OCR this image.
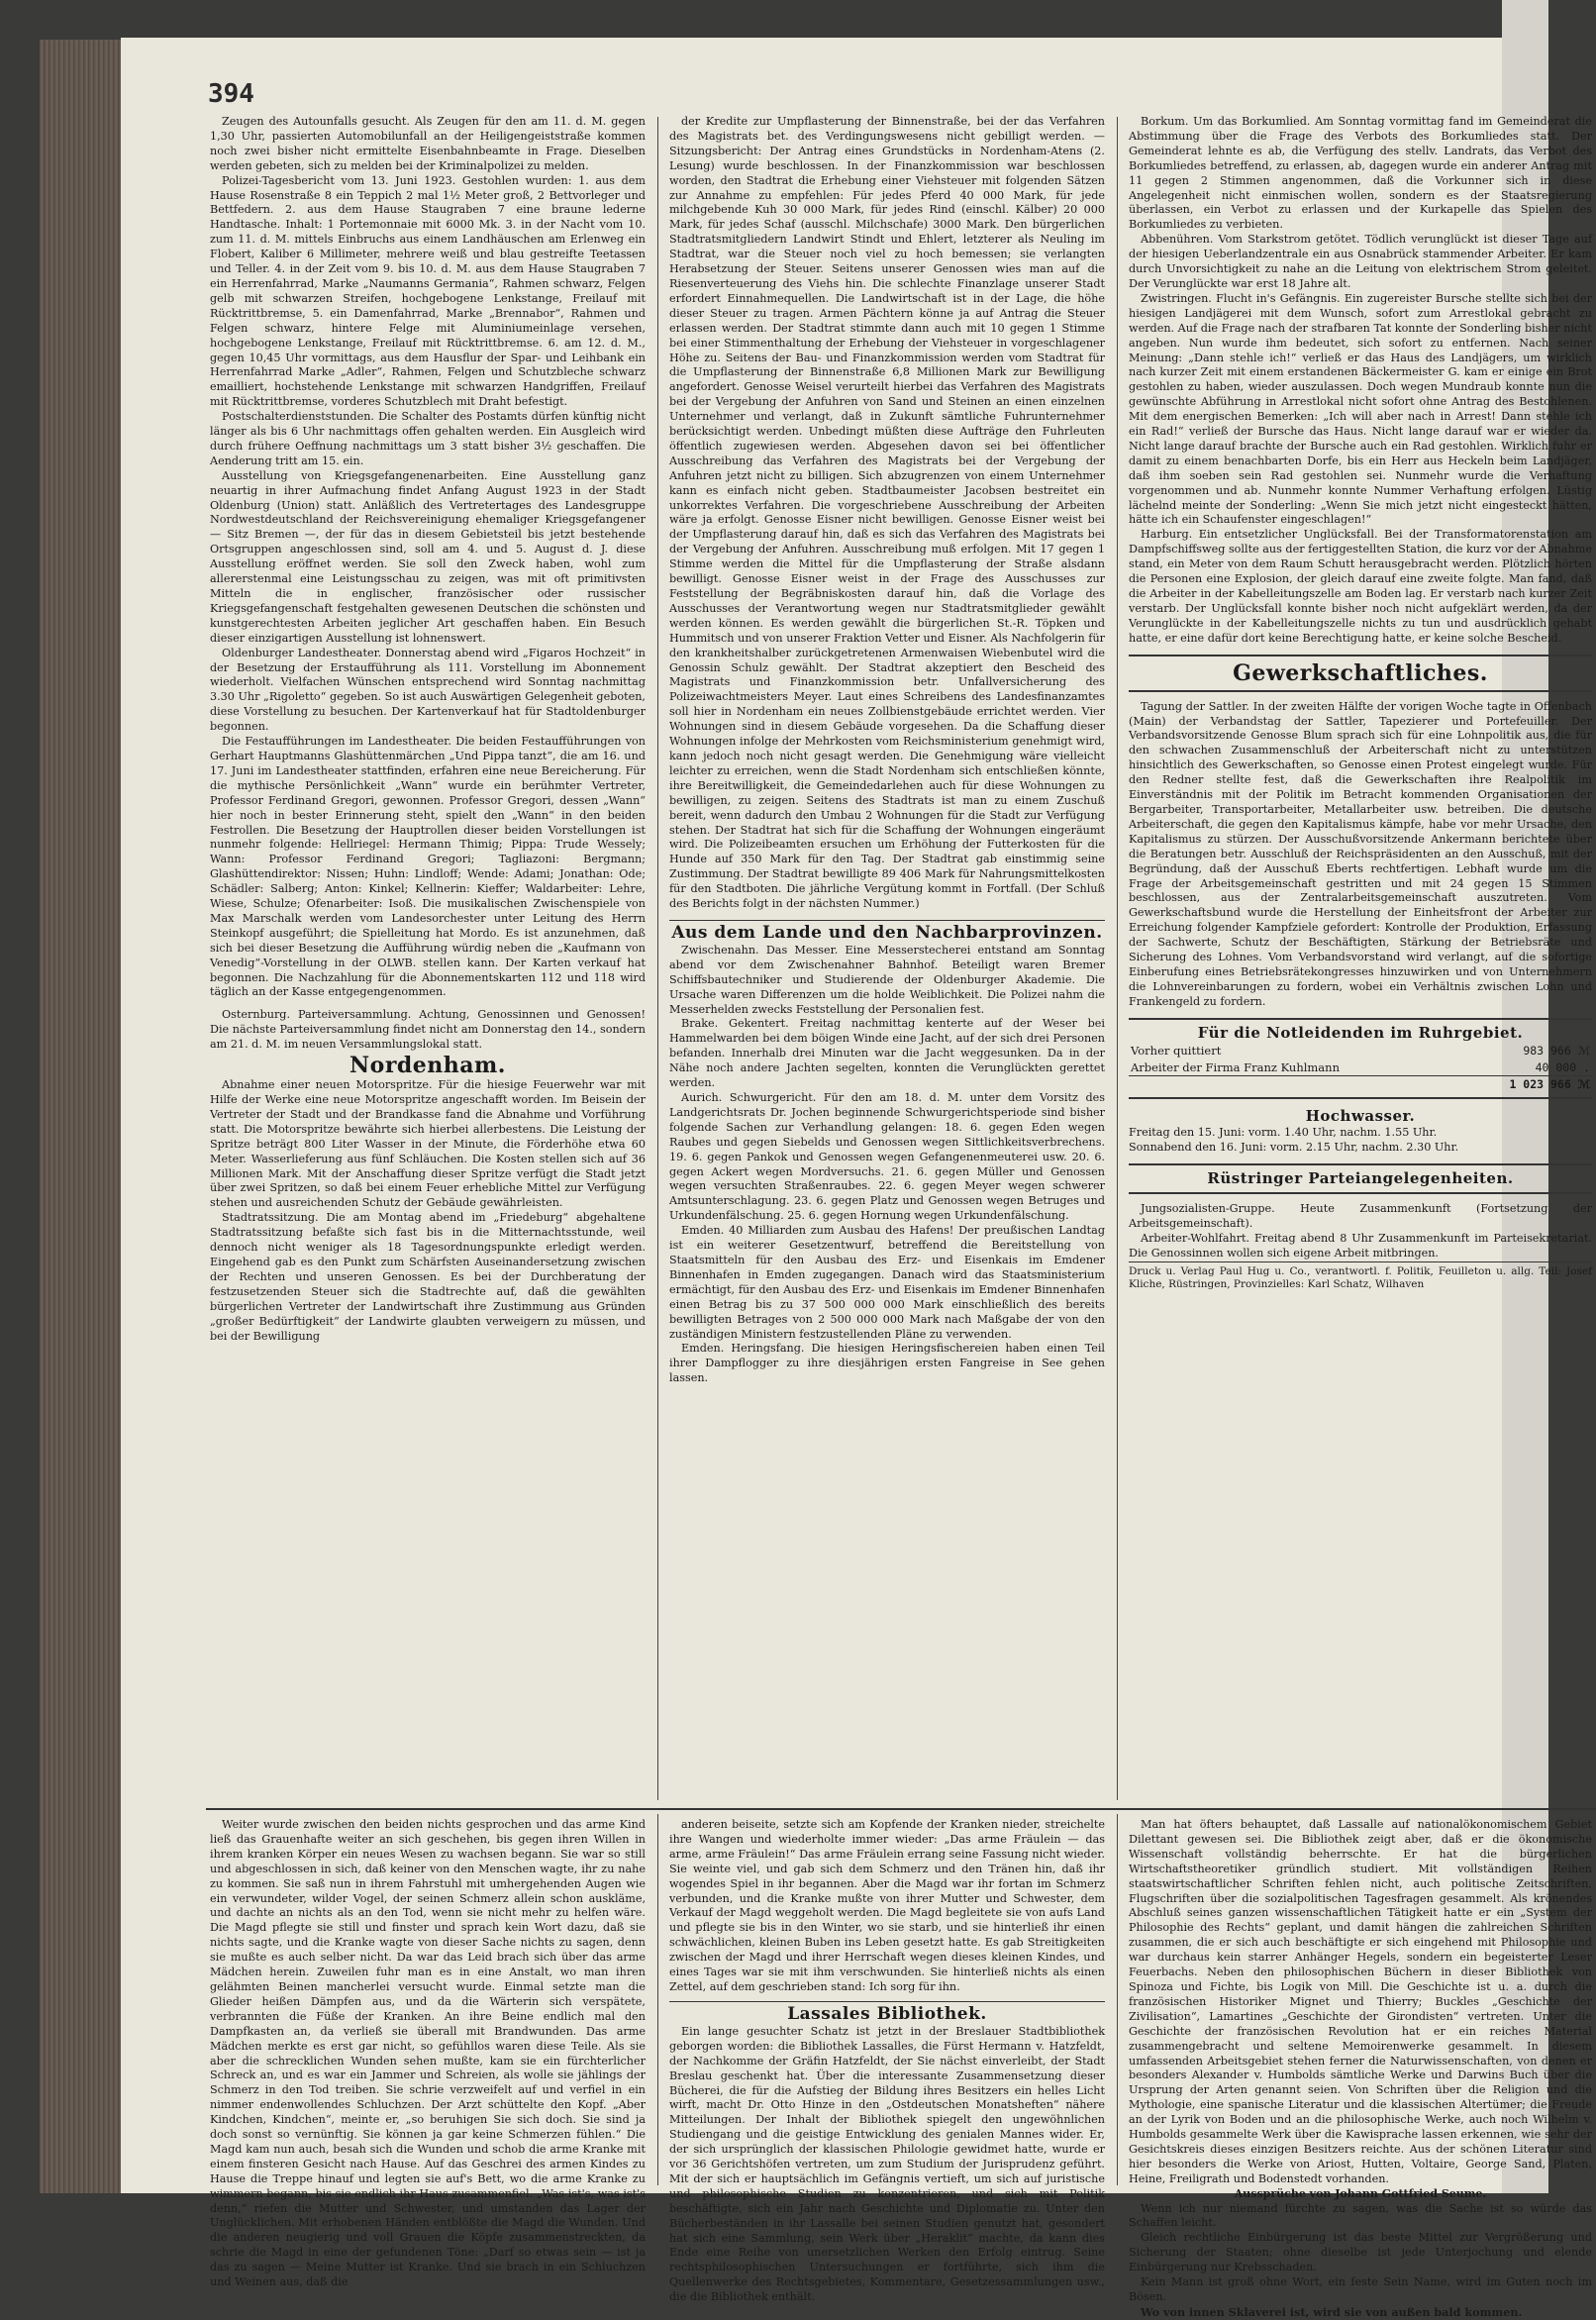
394

Zeugen des Autounfalls gesucht. Als Zeugen für den am 11. d. M. gegen 1,30 Uhr, passierten Automobilunfall an der Heiligengeiststraße kommen noch zwei bisher nicht ermittelte Eisenbahnbeamte in Frage. Dieselben werden gebeten, sich zu melden bei der Kriminalpolizei zu melden.

Polizei-Tagesbericht vom 13. Juni 1923. Gestohlen wurden: 1. aus dem Hause Rosenstraße 8 ein Teppich 2 mal 1½ Meter groß, 2 Bettvorleger und Bettfedern. 2. aus dem Hause Staugraben 7 eine braune lederne Handtasche. Inhalt: 1 Portemonnaie mit 6000 Mk. 3. in der Nacht vom 10. zum 11. d. M. mittels Einbruchs aus einem Landhäuschen am Erlenweg ein Flobert, Kaliber 6 Millimeter, mehrere weiß und blau gestreifte Teetassen und Teller. 4. in der Zeit vom 9. bis 10. d. M. aus dem Hause Staugraben 7 ein Herrenfahrrad, Marke „Naumanns Germania“, Rahmen schwarz, Felgen gelb mit schwarzen Streifen, hochgebogene Lenkstange, Freilauf mit Rücktrittbremse, 5. ein Damenfahrrad, Marke „Brennabor“, Rahmen und Felgen schwarz, hintere Felge mit Aluminiumeinlage versehen, hochgebogene Lenkstange, Freilauf mit Rücktrittbremse. 6. am 12. d. M., gegen 10,45 Uhr vormittags, aus dem Hausflur der Spar- und Leihbank ein Herrenfahrrad Marke „Adler“, Rahmen, Felgen und Schutzbleche schwarz emailliert, hochstehende Lenkstange mit schwarzen Handgriffen, Freilauf mit Rücktrittbremse, vorderes Schutzblech mit Draht befestigt.

Postschalterdienststunden. Die Schalter des Postamts dürfen künftig nicht länger als bis 6 Uhr nachmittags offen gehalten werden. Ein Ausgleich wird durch frühere Oeffnung nachmittags um 3 statt bisher 3½ geschaffen. Die Aenderung tritt am 15. ein.

Ausstellung von Kriegsgefangenenarbeiten. Eine Ausstellung ganz neuartig in ihrer Aufmachung findet Anfang August 1923 in der Stadt Oldenburg (Union) statt. Anläßlich des Vertretertages des Landesgruppe Nordwestdeutschland der Reichsvereinigung ehemaliger Kriegsgefangener — Sitz Bremen —, der für das in diesem Gebietsteil bis jetzt bestehende Ortsgruppen angeschlossen sind, soll am 4. und 5. August d. J. diese Ausstellung eröffnet werden. Sie soll den Zweck haben, wohl zum allererstenmal eine Leistungsschau zu zeigen, was mit oft primitivsten Mitteln die in englischer, französischer oder russischer Kriegsgefangenschaft festgehalten gewesenen Deutschen die schönsten und kunstgerechtesten Arbeiten jeglicher Art geschaffen haben. Ein Besuch dieser einzigartigen Ausstellung ist lohnenswert.

Oldenburger Landestheater. Donnerstag abend wird „Figaros Hochzeit“ in der Besetzung der Erstaufführung als 111. Vorstellung im Abonnement wiederholt. Vielfachen Wünschen entsprechend wird Sonntag nachmittag 3.30 Uhr „Rigoletto“ gegeben. So ist auch Auswärtigen Gelegenheit geboten, diese Vorstellung zu besuchen. Der Kartenverkauf hat für Stadtoldenburger begonnen.

Die Festaufführungen im Landestheater. Die beiden Festaufführungen von Gerhart Hauptmanns Glashüttenmärchen „Und Pippa tanzt“, die am 16. und 17. Juni im Landestheater stattfinden, erfahren eine neue Bereicherung. Für die mythische Persönlichkeit „Wann“ wurde ein berühmter Vertreter, Professor Ferdinand Gregori, gewonnen. Professor Gregori, dessen „Wann“ hier noch in bester Erinnerung steht, spielt den „Wann“ in den beiden Festrollen. Die Besetzung der Hauptrollen dieser beiden Vorstellungen ist nunmehr folgende: Hellriegel: Hermann Thimig; Pippa: Trude Wessely; Wann: Professor Ferdinand Gregori; Tagliazoni: Bergmann; Glashüttendirektor: Nissen; Huhn: Lindloff; Wende: Adami; Jonathan: Ode; Schädler: Salberg; Anton: Kinkel; Kellnerin: Kieffer; Waldarbeiter: Lehre, Wiese, Schulze; Ofenarbeiter: Isoß. Die musikalischen Zwischenspiele von Max Marschalk werden vom Landesorchester unter Leitung des Herrn Steinkopf ausgeführt; die Spielleitung hat Mordo. Es ist anzunehmen, daß sich bei dieser Besetzung die Aufführung würdig neben die „Kaufmann von Venedig“-Vorstellung in der OLWB. stellen kann. Der Karten verkauf hat begonnen. Die Nachzahlung für die Abonnementskarten 112 und 118 wird täglich an der Kasse entgegengenommen.

Osternburg. Parteiversammlung. Achtung, Genossinnen und Genossen! Die nächste Parteiversammlung findet nicht am Donnerstag den 14., sondern am 21. d. M. im neuen Versammlungslokal statt.

Nordenham.

Abnahme einer neuen Motorspritze. Für die hiesige Feuerwehr war mit Hilfe der Werke eine neue Motorspritze angeschafft worden. Im Beisein der Vertreter der Stadt und der Brandkasse fand die Abnahme und Vorführung statt. Die Motorspritze bewährte sich hierbei allerbestens. Die Leistung der Spritze beträgt 800 Liter Wasser in der Minute, die Förderhöhe etwa 60 Meter. Wasserlieferung aus fünf Schläuchen. Die Kosten stellen sich auf 36 Millionen Mark. Mit der Anschaffung dieser Spritze verfügt die Stadt jetzt über zwei Spritzen, so daß bei einem Feuer erhebliche Mittel zur Verfügung stehen und ausreichenden Schutz der Gebäude gewährleisten.

Stadtratssitzung. Die am Montag abend im „Friedeburg“ abgehaltene Stadtratssitzung befaßte sich fast bis in die Mitternachtsstunde, weil dennoch nicht weniger als 18 Tagesordnungspunkte erledigt werden. Eingehend gab es den Punkt zum Schärfsten Auseinandersetzung zwischen der Rechten und unseren Genossen. Es bei der Durchberatung der festzusetzenden Steuer sich die Stadtrechte auf, daß die gewählten bürgerlichen Vertreter der Landwirtschaft ihre Zustimmung aus Gründen „großer Bedürftigkeit“ der Landwirte glaubten verweigern zu müssen, und bei der Bewilligung

der Kredite zur Umpflasterung der Binnenstraße, bei der das Verfahren des Magistrats bet. des Verdingungswesens nicht gebilligt werden. — Sitzungsbericht: Der Antrag eines Grundstücks in Nordenham-Atens (2. Lesung) wurde beschlossen. In der Finanzkommission war beschlossen worden, den Stadtrat die Erhebung einer Viehsteuer mit folgenden Sätzen zur Annahme zu empfehlen: Für jedes Pferd 40 000 Mark, für jede milchgebende Kuh 30 000 Mark, für jedes Rind (einschl. Kälber) 20 000 Mark, für jedes Schaf (ausschl. Milchschafe) 3000 Mark. Den bürgerlichen Stadtratsmitgliedern Landwirt Stindt und Ehlert, letzterer als Neuling im Stadtrat, war die Steuer noch viel zu hoch bemessen; sie verlangten Herabsetzung der Steuer. Seitens unserer Genossen wies man auf die Riesenverteuerung des Viehs hin. Die schlechte Finanzlage unserer Stadt erfordert Einnahmequellen. Die Landwirtschaft ist in der Lage, die höhe dieser Steuer zu tragen. Armen Pächtern könne ja auf Antrag die Steuer erlassen werden. Der Stadtrat stimmte dann auch mit 10 gegen 1 Stimme bei einer Stimmenthaltung der Erhebung der Viehsteuer in vorgeschlagener Höhe zu. Seitens der Bau- und Finanzkommission werden vom Stadtrat für die Umpflasterung der Binnenstraße 6,8 Millionen Mark zur Bewilligung angefordert. Genosse Weisel verurteilt hierbei das Verfahren des Magistrats bei der Vergebung der Anfuhren von Sand und Steinen an einen einzelnen Unternehmer und verlangt, daß in Zukunft sämtliche Fuhrunternehmer berücksichtigt werden. Unbedingt müßten diese Aufträge den Fuhrleuten öffentlich zugewiesen werden. Abgesehen davon sei bei öffentlicher Ausschreibung das Verfahren des Magistrats bei der Vergebung der Anfuhren jetzt nicht zu billigen. Sich abzugrenzen von einem Unternehmer kann es einfach nicht geben. Stadtbaumeister Jacobsen bestreitet ein unkorrektes Verfahren. Die vorgeschriebene Ausschreibung der Arbeiten wäre ja erfolgt. Genosse Eisner nicht bewilligen. Genosse Eisner weist bei der Umpflasterung darauf hin, daß es sich das Verfahren des Magistrats bei der Vergebung der Anfuhren. Ausschreibung muß erfolgen. Mit 17 gegen 1 Stimme werden die Mittel für die Umpflasterung der Straße alsdann bewilligt. Genosse Eisner weist in der Frage des Ausschusses zur Feststellung der Begräbniskosten darauf hin, daß die Vorlage des Ausschusses der Verantwortung wegen nur Stadtratsmitglieder gewählt werden können. Es werden gewählt die bürgerlichen St.-R. Töpken und Hummitsch und von unserer Fraktion Vetter und Eisner. Als Nachfolgerin für den krankheitshalber zurückgetretenen Armenwaisen Wiebenbutel wird die Genossin Schulz gewählt. Der Stadtrat akzeptiert den Bescheid des Magistrats und Finanzkommission betr. Unfallversicherung des Polizeiwachtmeisters Meyer. Laut eines Schreibens des Landesfinanzamtes soll hier in Nordenham ein neues Zollbienstgebäude errichtet werden. Vier Wohnungen sind in diesem Gebäude vorgesehen. Da die Schaffung dieser Wohnungen infolge der Mehrkosten vom Reichsministerium genehmigt wird, kann jedoch noch nicht gesagt werden. Die Genehmigung wäre vielleicht leichter zu erreichen, wenn die Stadt Nordenham sich entschließen könnte, ihre Bereitwilligkeit, die Gemeindedarlehen auch für diese Wohnungen zu bewilligen, zu zeigen. Seitens des Stadtrats ist man zu einem Zuschuß bereit, wenn dadurch den Umbau 2 Wohnungen für die Stadt zur Verfügung stehen. Der Stadtrat hat sich für die Schaffung der Wohnungen eingeräumt wird. Die Polizeibeamten ersuchen um Erhöhung der Futterkosten für die Hunde auf 350 Mark für den Tag. Der Stadtrat gab einstimmig seine Zustimmung. Der Stadtrat bewilligte 89 406 Mark für Nahrungsmittelkosten für den Stadtboten. Die jährliche Vergütung kommt in Fortfall. (Der Schluß des Berichts folgt in der nächsten Nummer.)

Aus dem Lande und den Nachbarprovinzen.

Zwischenahn. Das Messer. Eine Messerstecherei entstand am Sonntag abend vor dem Zwischenahner Bahnhof. Beteiligt waren Bremer Schiffsbautechniker und Studierende der Oldenburger Akademie. Die Ursache waren Differenzen um die holde Weiblichkeit. Die Polizei nahm die Messerhelden zwecks Feststellung der Personalien fest.

Brake. Gekentert. Freitag nachmittag kenterte auf der Weser bei Hammelwarden bei dem böigen Winde eine Jacht, auf der sich drei Personen befanden. Innerhalb drei Minuten war die Jacht weggesunken. Da in der Nähe noch andere Jachten segelten, konnten die Verunglückten gerettet werden.

Aurich. Schwurgericht. Für den am 18. d. M. unter dem Vorsitz des Landgerichtsrats Dr. Jochen beginnende Schwurgerichtsperiode sind bisher folgende Sachen zur Verhandlung gelangen: 18. 6. gegen Eden wegen Raubes und gegen Siebelds und Genossen wegen Sittlichkeitsverbrechens. 19. 6. gegen Pankok und Genossen wegen Gefangenenmeuterei usw. 20. 6. gegen Ackert wegen Mordversuchs. 21. 6. gegen Müller und Genossen wegen versuchten Straßenraubes. 22. 6. gegen Meyer wegen schwerer Amtsunterschlagung. 23. 6. gegen Platz und Genossen wegen Betruges und Urkundenfälschung. 25. 6. gegen Hornung wegen Urkundenfälschung.

Emden. 40 Milliarden zum Ausbau des Hafens! Der preußischen Landtag ist ein weiterer Gesetzentwurf, betreffend die Bereitstellung von Staatsmitteln für den Ausbau des Erz- und Eisenkais im Emdener Binnenhafen in Emden zugegangen. Danach wird das Staatsministerium ermächtigt, für den Ausbau des Erz- und Eisenkais im Emdener Binnenhafen einen Betrag bis zu 37 500 000 000 Mark einschließlich des bereits bewilligten Betrages von 2 500 000 000 Mark nach Maßgabe der von den zuständigen Ministern festzustellenden Pläne zu verwenden.

Emden. Heringsfang. Die hiesigen Heringsfischereien haben einen Teil ihrer Dampflogger zu ihre diesjährigen ersten Fangreise in See gehen lassen.

Borkum. Um das Borkumlied. Am Sonntag vormittag fand im Gemeinderat die Abstimmung über die Frage des Verbots des Borkumliedes statt. Der Gemeinderat lehnte es ab, die Verfügung des stellv. Landrats, das Verbot des Borkumliedes betreffend, zu erlassen, ab, dagegen wurde ein anderer Antrag mit 11 gegen 2 Stimmen angenommen, daß die Vorkunner sich in diese Angelegenheit nicht einmischen wollen, sondern es der Staatsregierung überlassen, ein Verbot zu erlassen und der Kurkapelle das Spielen des Borkumliedes zu verbieten.

Abbenühren. Vom Starkstrom getötet. Tödlich verunglückt ist dieser Tage auf der hiesigen Ueberlandzentrale ein aus Osnabrück stammender Arbeiter. Er kam durch Unvorsichtigkeit zu nahe an die Leitung von elektrischem Strom geleitet. Der Verunglückte war erst 18 Jahre alt.

Zwistringen. Flucht in's Gefängnis. Ein zugereister Bursche stellte sich bei der hiesigen Landjägerei mit dem Wunsch, sofort zum Arrestlokal gebracht zu werden. Auf die Frage nach der strafbaren Tat konnte der Sonderling bisher nicht angeben. Nun wurde ihm bedeutet, sich sofort zu entfernen. Nach seiner Meinung: „Dann stehle ich!“ verließ er das Haus des Landjägers, um wirklich nach kurzer Zeit mit einem erstandenen Bäckermeister G. kam er einige ein Brot gestohlen zu haben, wieder auszulassen. Doch wegen Mundraub konnte nun die gewünschte Abführung in Arrestlokal nicht sofort ohne Antrag des Bestohlenen. Mit dem energischen Bemerken: „Ich will aber nach in Arrest! Dann stehle ich ein Rad!“ verließ der Bursche das Haus. Nicht lange darauf war er wieder da. Nicht lange darauf brachte der Bursche auch ein Rad gestohlen. Wirklich fuhr er damit zu einem benachbarten Dorfe, bis ein Herr aus Heckeln beim Landjäger, daß ihm soeben sein Rad gestohlen sei. Nunmehr wurde die Verhaftung vorgenommen und ab. Nunmehr konnte Nummer Verhaftung erfolgen. Lüstig lächelnd meinte der Sonderling: „Wenn Sie mich jetzt nicht eingesteckt hätten, hätte ich ein Schaufenster eingeschlagen!“

Harburg. Ein entsetzlicher Unglücksfall. Bei der Transformatorenstation am Dampfschiffsweg sollte aus der fertiggestellten Station, die kurz vor der Abnahme stand, ein Meter von dem Raum Schutt herausgebracht werden. Plötzlich hörten die Personen eine Explosion, der gleich darauf eine zweite folgte. Man fand, daß die Arbeiter in der Kabelleitungszelle am Boden lag. Er verstarb nach kurzer Zeit verstarb. Der Unglücksfall konnte bisher noch nicht aufgeklärt werden, da der Verunglückte in der Kabelleitungszelle nichts zu tun und ausdrücklich gehabt hatte, er eine dafür dort keine Berechtigung hatte, er keine solche Bescheid.

Gewerkschaftliches.

Tagung der Sattler. In der zweiten Hälfte der vorigen Woche tagte in Offenbach (Main) der Verbandstag der Sattler, Tapezierer und Portefeuiller. Der Verbandsvorsitzende Genosse Blum sprach sich für eine Lohnpolitik aus, die für den schwachen Zusammenschluß der Arbeiterschaft nicht zu unterstützen hinsichtlich des Gewerkschaften, so Genosse einen Protest eingelegt wurde. Für den Redner stellte fest, daß die Gewerkschaften ihre Realpolitik im Einverständnis mit der Politik im Betracht kommenden Organisationen der Bergarbeiter, Transportarbeiter, Metallarbeiter usw. betreiben. Die deutsche Arbeiterschaft, die gegen den Kapitalismus kämpfe, habe vor mehr Ursache, den Kapitalismus zu stürzen. Der Ausschußvorsitzende Ankermann berichtete über die Beratungen betr. Ausschluß der Reichspräsidenten an den Ausschuß, mit der Begründung, daß der Ausschuß Eberts rechtfertigen. Lebhaft wurde um die Frage der Arbeitsgemeinschaft gestritten und mit 24 gegen 15 Stimmen beschlossen, aus der Zentralarbeitsgemeinschaft auszutreten. Vom Gewerkschaftsbund wurde die Herstellung der Einheitsfront der Arbeiter zur Erreichung folgender Kampfziele gefordert: Kontrolle der Produktion, Erfassung der Sachwerte, Schutz der Beschäftigten, Stärkung der Betriebsräte und Sicherung des Lohnes. Vom Verbandsvorstand wird verlangt, auf die sofortige Einberufung eines Betriebsrätekongresses hinzuwirken und von Unternehmern die Lohnvereinbarungen zu fordern, wobei ein Verhältnis zwischen Lohn und Frankengeld zu fordern.

Für die Notleidenden im Ruhrgebiet.

Vorher quittiert	983 966 ℳ
Arbeiter der Firma Franz Kuhlmann	40 000 .
	1 023 966 ℳ

Hochwasser.

Freitag den 15. Juni: vorm. 1.40 Uhr, nachm. 1.55 Uhr.

Sonnabend den 16. Juni: vorm. 2.15 Uhr, nachm. 2.30 Uhr.

Rüstringer Parteiangelegenheiten.

Jungsozialisten-Gruppe. Heute Zusammenkunft (Fortsetzung der Arbeitsgemeinschaft).

Arbeiter-Wohlfahrt. Freitag abend 8 Uhr Zusammenkunft im Parteisekretariat. Die Genossinnen wollen sich eigene Arbeit mitbringen.

Druck u. Verlag Paul Hug u. Co., verantwortl. f. Politik, Feuilleton u. allg. Teil: Josef Kliche, Rüstringen, Provinzielles: Karl Schatz, Wilhaven

Weiter wurde zwischen den beiden nichts gesprochen und das arme Kind ließ das Grauenhafte weiter an sich geschehen, bis gegen ihren Willen in ihrem kranken Körper ein neues Wesen zu wachsen begann. Sie war so still und abgeschlossen in sich, daß keiner von den Menschen wagte, ihr zu nahe zu kommen. Sie saß nun in ihrem Fahrstuhl mit umhergehenden Augen wie ein verwundeter, wilder Vogel, der seinen Schmerz allein schon auskläme, und dachte an nichts als an den Tod, wenn sie nicht mehr zu helfen wäre. Die Magd pflegte sie still und finster und sprach kein Wort dazu, daß sie nichts sagte, und die Kranke wagte von dieser Sache nichts zu sagen, denn sie mußte es auch selber nicht. Da war das Leid brach sich über das arme Mädchen herein. Zuweilen fuhr man es in eine Anstalt, wo man ihren gelähmten Beinen mancherlei versucht wurde. Einmal setzte man die Glieder heißen Dämpfen aus, und da die Wärterin sich verspätete, verbrannten die Füße der Kranken. An ihre Beine endlich mal den Dampfkasten an, da verließ sie überall mit Brandwunden. Das arme Mädchen merkte es erst gar nicht, so gefühllos waren diese Teile. Als sie aber die schrecklichen Wunden sehen mußte, kam sie ein fürchterlicher Schreck an, und es war ein Jammer und Schreien, als wolle sie jählings der Schmerz in den Tod treiben. Sie schrie verzweifelt auf und verfiel in ein nimmer endenwollendes Schluchzen. Der Arzt schüttelte den Kopf. „Aber Kindchen, Kindchen“, meinte er, „so beruhigen Sie sich doch. Sie sind ja doch sonst so vernünftig. Sie können ja gar keine Schmerzen fühlen.“ Die Magd kam nun auch, besah sich die Wunden und schob die arme Kranke mit einem finsteren Gesicht nach Hause. Auf das Geschrei des armen Kindes zu Hause die Treppe hinauf und legten sie auf's Bett, wo die arme Kranke zu wimmern begann, bis sie endlich ihr Haus zusammenfiel. „Was ist's, was ist's denn,“ riefen die Mutter und Schwester, und umstanden das Lager der Unglücklichen. Mit erhobenen Händen entblößte die Magd die Wunden. Und die anderen neugierig und voll Grauen die Köpfe zusammenstreckten, da schrie die Magd in eine der gefundenen Töne: „Darf so etwas sein — ist ja das zu sagen — Meine Mutter ist Kranke. Und sie brach in ein Schluchzen und Weinen aus, daß die

anderen beiseite, setzte sich am Kopfende der Kranken nieder, streichelte ihre Wangen und wiederholte immer wieder: „Das arme Fräulein — das arme, arme Fräulein!“ Das arme Fräulein errang seine Fassung nicht wieder. Sie weinte viel, und gab sich dem Schmerz und den Tränen hin, daß ihr wogendes Spiel in ihr begannen. Aber die Magd war ihr fortan im Schmerz verbunden, und die Kranke mußte von ihrer Mutter und Schwester, dem Verkauf der Magd weggeholt werden. Die Magd begleitete sie von aufs Land und pflegte sie bis in den Winter, wo sie starb, und sie hinterließ ihr einen schwächlichen, kleinen Buben ins Leben gesetzt hatte. Es gab Streitigkeiten zwischen der Magd und ihrer Herrschaft wegen dieses kleinen Kindes, und eines Tages war sie mit ihm verschwunden. Sie hinterließ nichts als einen Zettel, auf dem geschrieben stand: Ich sorg für ihn.

Lassales Bibliothek.

Ein lange gesuchter Schatz ist jetzt in der Breslauer Stadtbibliothek geborgen worden: die Bibliothek Lassalles, die Fürst Hermann v. Hatzfeldt, der Nachkomme der Gräfin Hatzfeldt, der Sie nächst einverleibt, der Stadt Breslau geschenkt hat. Über die interessante Zusammensetzung dieser Bücherei, die für die Aufstieg der Bildung ihres Besitzers ein helles Licht wirft, macht Dr. Otto Hinze in den „Ostdeutschen Monatsheften“ nähere Mitteilungen. Der Inhalt der Bibliothek spiegelt den ungewöhnlichen Studiengang und die geistige Entwicklung des genialen Mannes wider. Er, der sich ursprünglich der klassischen Philologie gewidmet hatte, wurde er vor 36 Gerichtshöfen vertreten, um zum Studium der Jurisprudenz geführt. Mit der sich er hauptsächlich im Gefängnis vertieft, um sich auf juristische und philosophische Studien zu konzentrieren, und sich mit Politik beschäftigte, sich ein Jahr nach Geschichte und Diplomatie zu. Unter den Bücherbeständen in ihr Lassalle bei seinen Studien genutzt hat, gesondert hat sich eine Sammlung, sein Werk über „Heraklit“ machte, da kann dies Ende eine Reihe von unersetzlichen Werken den Erfolg eintrug. Seine rechtsphilosophischen Untersuchungen er fortführte, sich ihm die Quellenwerke des Rechtsgebietes, Kommentare, Gesetzessammlungen usw., die die Bibliothek enthält.

Man hat öfters behauptet, daß Lassalle auf nationalökonomischem Gebiet Dilettant gewesen sei. Die Bibliothek zeigt aber, daß er die ökonomische Wissenschaft vollständig beherrschte. Er hat die bürgerlichen Wirtschaftstheoretiker gründlich studiert. Mit vollständigen Reihen staatswirtschaftlicher Schriften fehlen nicht, auch politische Zeitschriften, Flugschriften über die sozialpolitischen Tagesfragen gesammelt. Als krönendes Abschluß seines ganzen wissenschaftlichen Tätigkeit hatte er ein „System der Philosophie des Rechts“ geplant, und damit hängen die zahlreichen Schriften zusammen, die er sich auch beschäftigte er sich eingehend mit Philosophie und war durchaus kein starrer Anhänger Hegels, sondern ein begeisterter Leser Feuerbachs. Neben den philosophischen Büchern in dieser Bibliothek von Spinoza und Fichte, bis Logik von Mill. Die Geschichte ist u. a. durch die französischen Historiker Mignet und Thierry; Buckles „Geschichte der Zivilisation“, Lamartines „Geschichte der Girondisten“ vertreten. Unter die Geschichte der französischen Revolution hat er ein reiches Material zusammengebracht und seltene Memoirenwerke gesammelt. In diesem umfassenden Arbeitsgebiet stehen ferner die Naturwissenschaften, von denen er besonders Alexander v. Humbolds sämtliche Werke und Darwins Buch über die Ursprung der Arten genannt seien. Von Schriften über die Religion und die Mythologie, eine spanische Literatur und die klassischen Altertümer; die Freude an der Lyrik von Boden und an die philosophische Werke, auch noch Wilhelm v. Humbolds gesammelte Werk über die Kawisprache lassen erkennen, wie sehr der Gesichtskreis dieses einzigen Besitzers reichte. Aus der schönen Literatur sind hier besonders die Werke von Ariost, Hutten, Voltaire, George Sand, Platen, Heine, Freiligrath und Bodenstedt vorhanden.

Aussprüche von Johann Gottfried Seume.

Wenn ich nur niemand fürchte zu sagen, was die Sache ist so würde das Schaffen leicht.

Gleich rechtliche Einbürgerung ist das beste Mittel zur Vergrößerung und Sicherung der Staaten; ohne dieselbe ist jede Unterjochung und elende Einbürgerung nur Krebsschaden.

Kein Mann ist groß ohne Wort, ein feste Sein Name, wird im Guten noch im Bösen.

Wo von innen Sklaverei ist, wird sie von außen bald kommen.
